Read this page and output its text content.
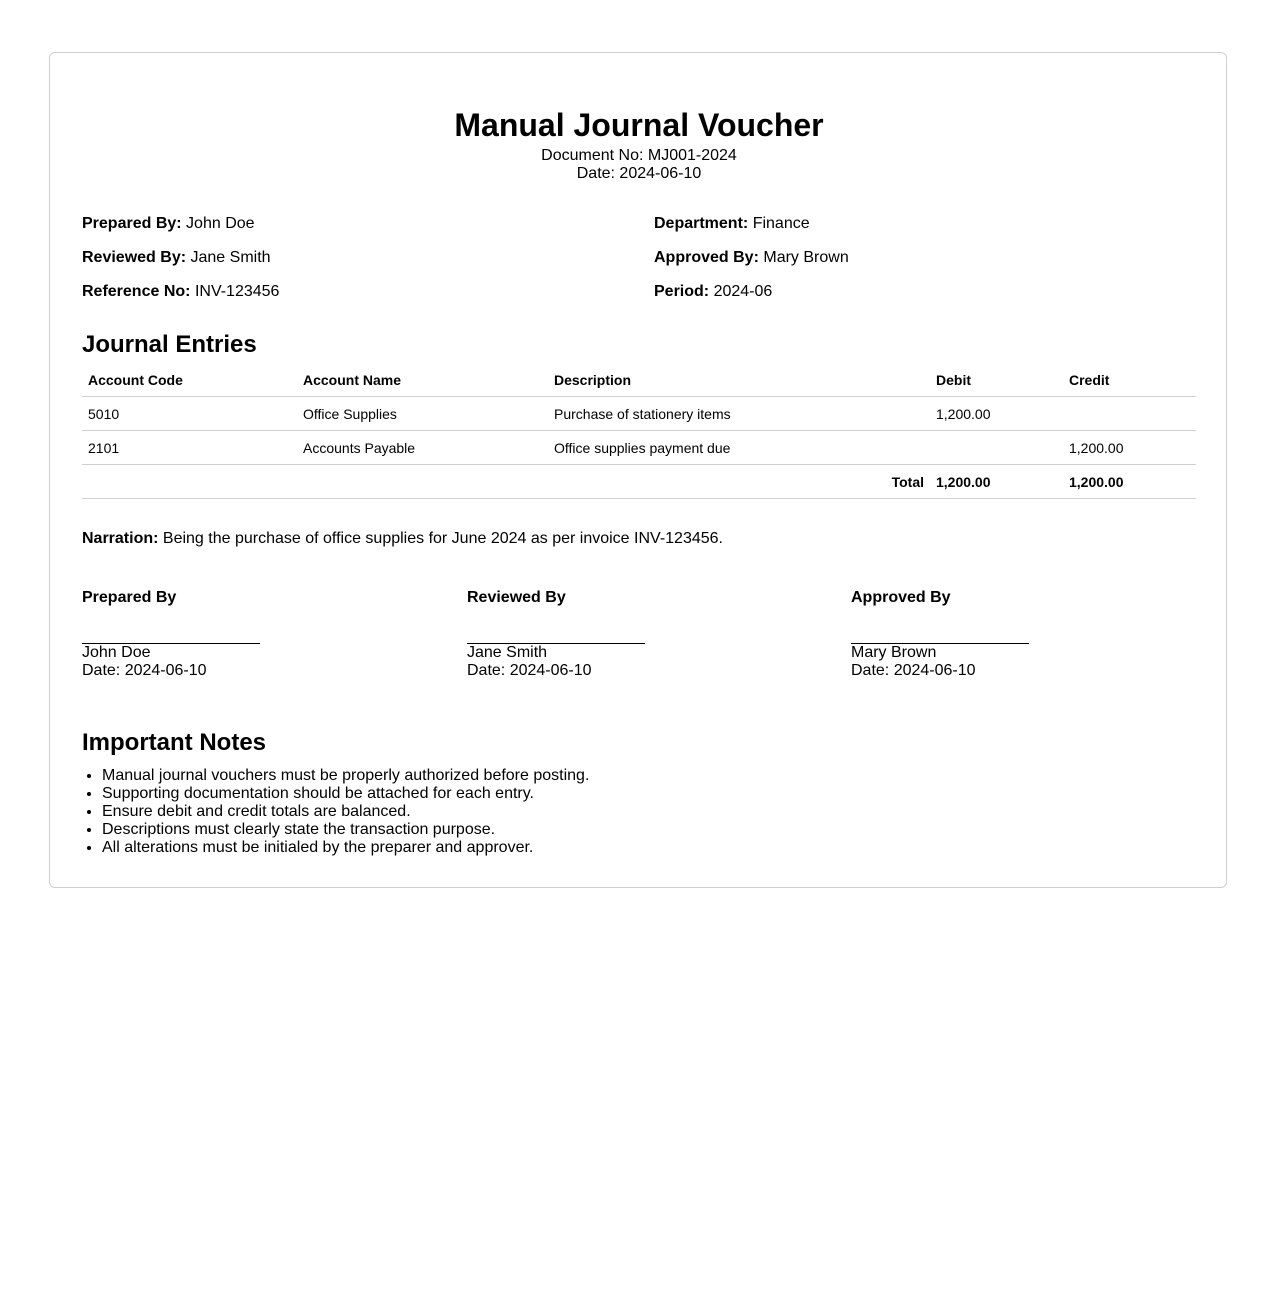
Manual Journal Voucher
Document No: MJ001-2024
Date: 2024-06-10
Prepared By: John Doe	Department: Finance
Reviewed By: Jane Smith	Approved By: Mary Brown
Reference No: INV-123456	Period: 2024-06
Journal Entries
Account Code	Account Name	Description	Debit	Credit
5010	Office Supplies	Purchase of stationery items	1,200.00	
2101	Accounts Payable	Office supplies payment due		1,200.00
Total			1,200.00	1,200.00
Narration: Being the purchase of office supplies for June 2024 as per invoice INV-123456.
Prepared By
John Doe
Date: 2024-06-10
Reviewed By
Jane Smith
Date: 2024-06-10
Approved By
Mary Brown
Date: 2024-06-10
Important Notes
• Manual journal vouchers must be properly authorized before posting.
• Supporting documentation should be attached for each entry.
• Ensure debit and credit totals are balanced.
• Descriptions must clearly state the transaction purpose.
• All alterations must be initialed by the preparer and approver.
